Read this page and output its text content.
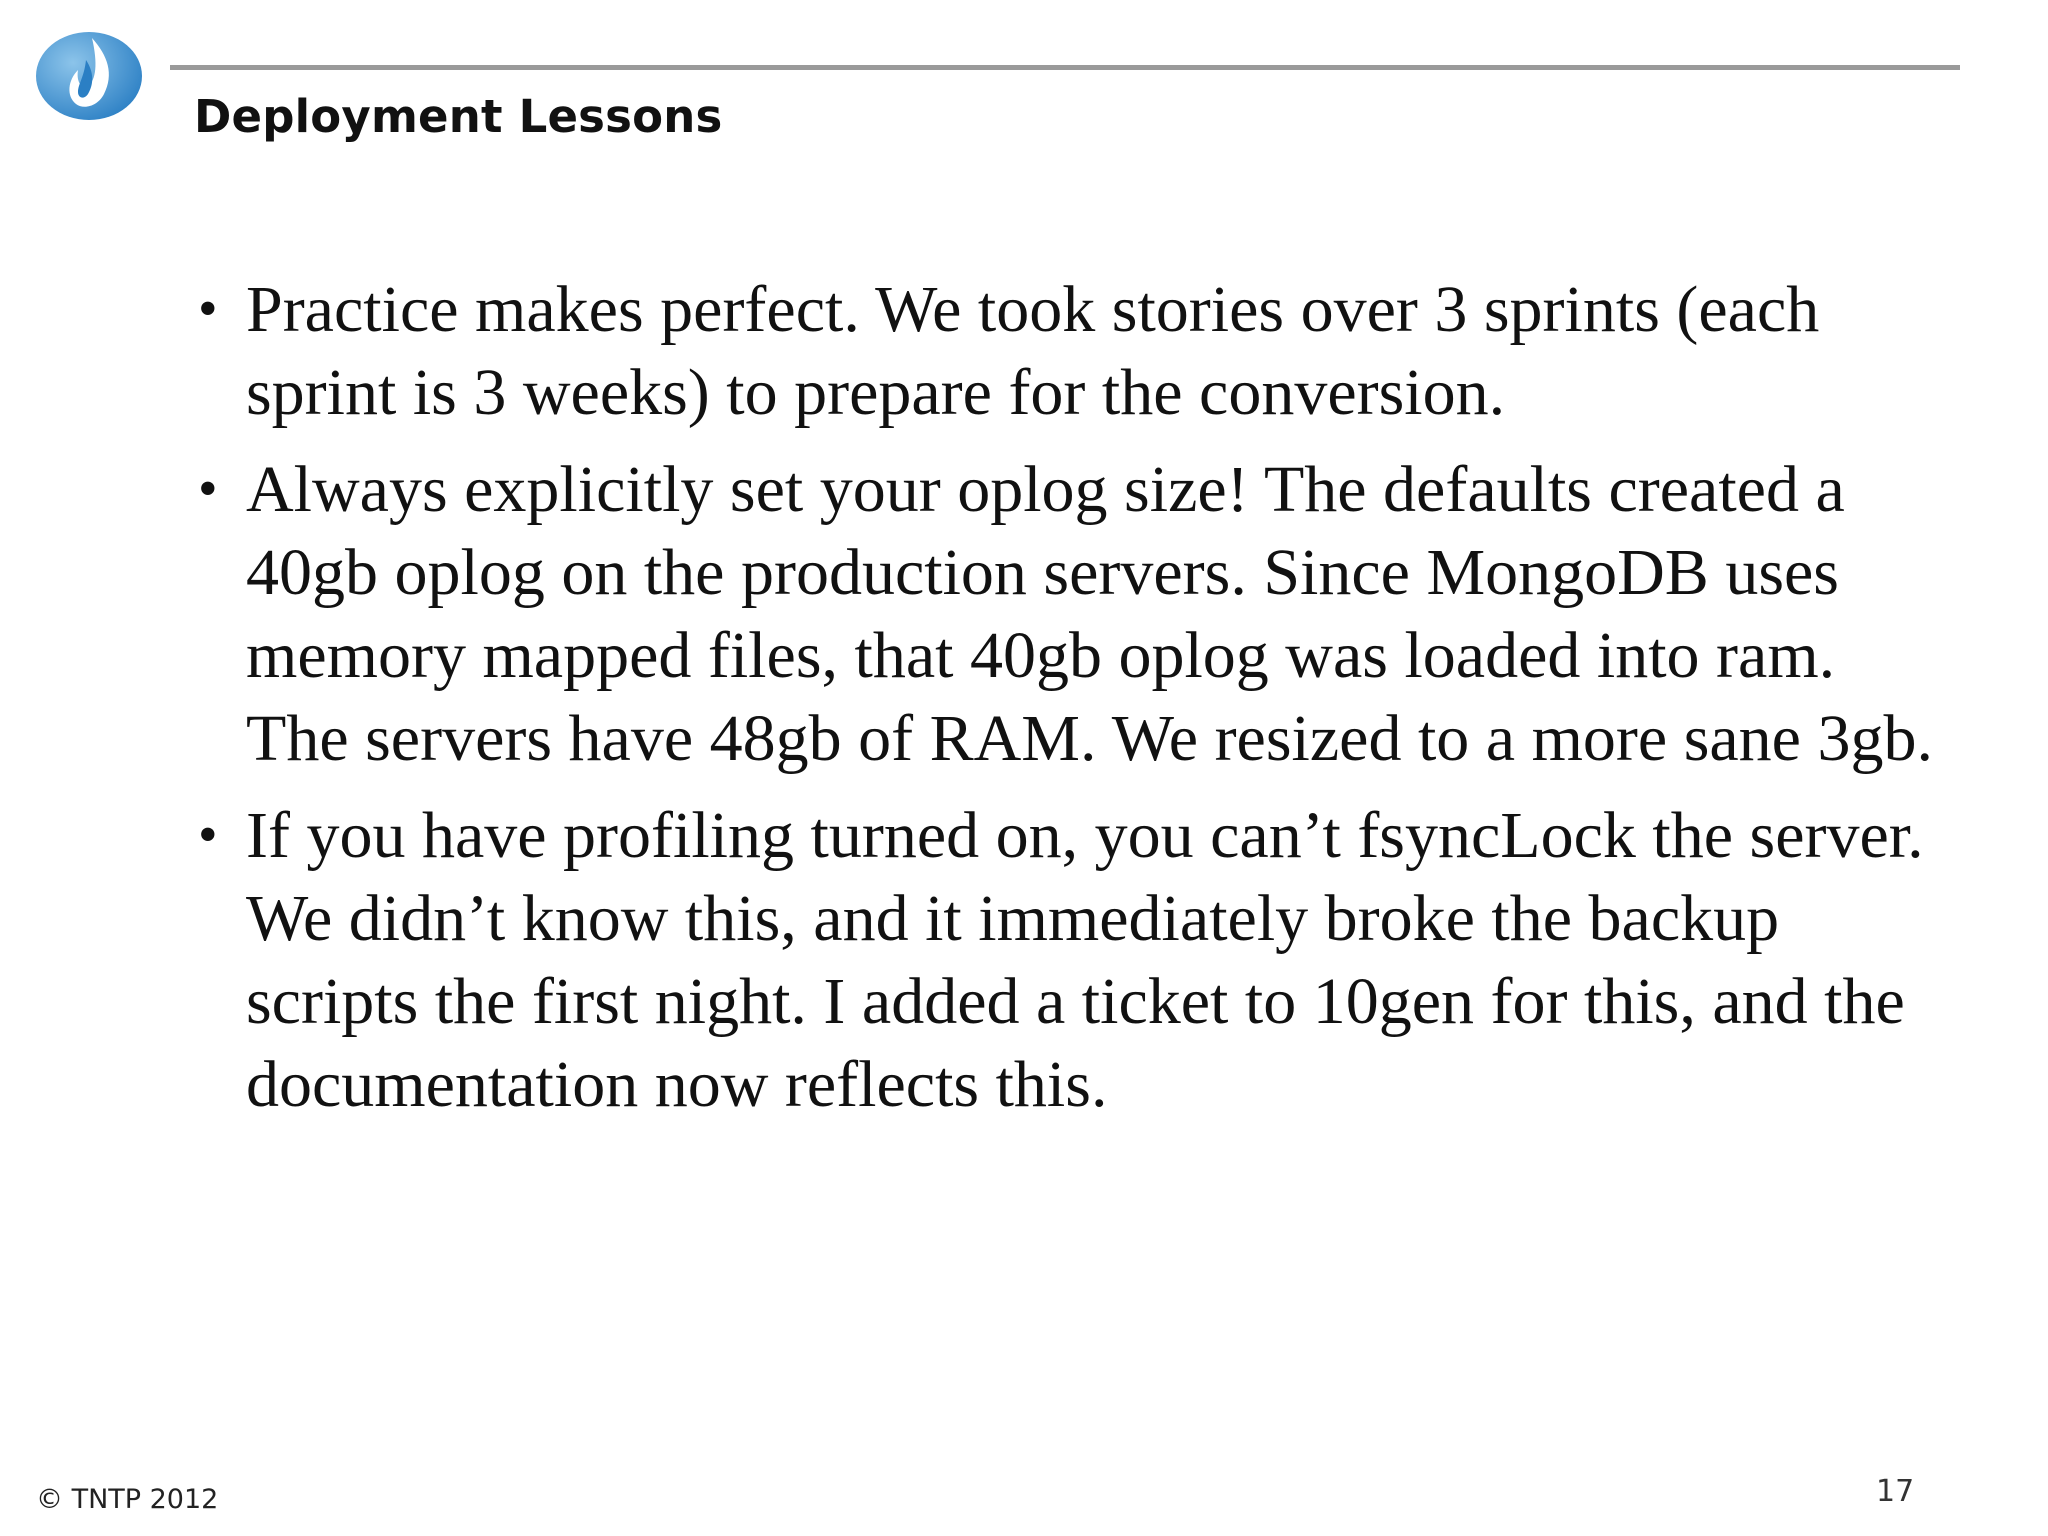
Deployment Lessons
• Practice makes perfect. We took stories over 3 sprints (each sprint is 3 weeks) to prepare for the conversion.
• Always explicitly set your oplog size! The defaults created a 40gb oplog on the production servers. Since MongoDB uses memory mapped files, that 40gb oplog was loaded into ram. The servers have 48gb of RAM. We resized to a more sane 3gb.
• If you have profiling turned on, you can’t fsyncLock the server. We didn’t know this, and it immediately broke the backup scripts the first night. I added a ticket to 10gen for this, and the documentation now reflects this.
© TNTP 2012	17
